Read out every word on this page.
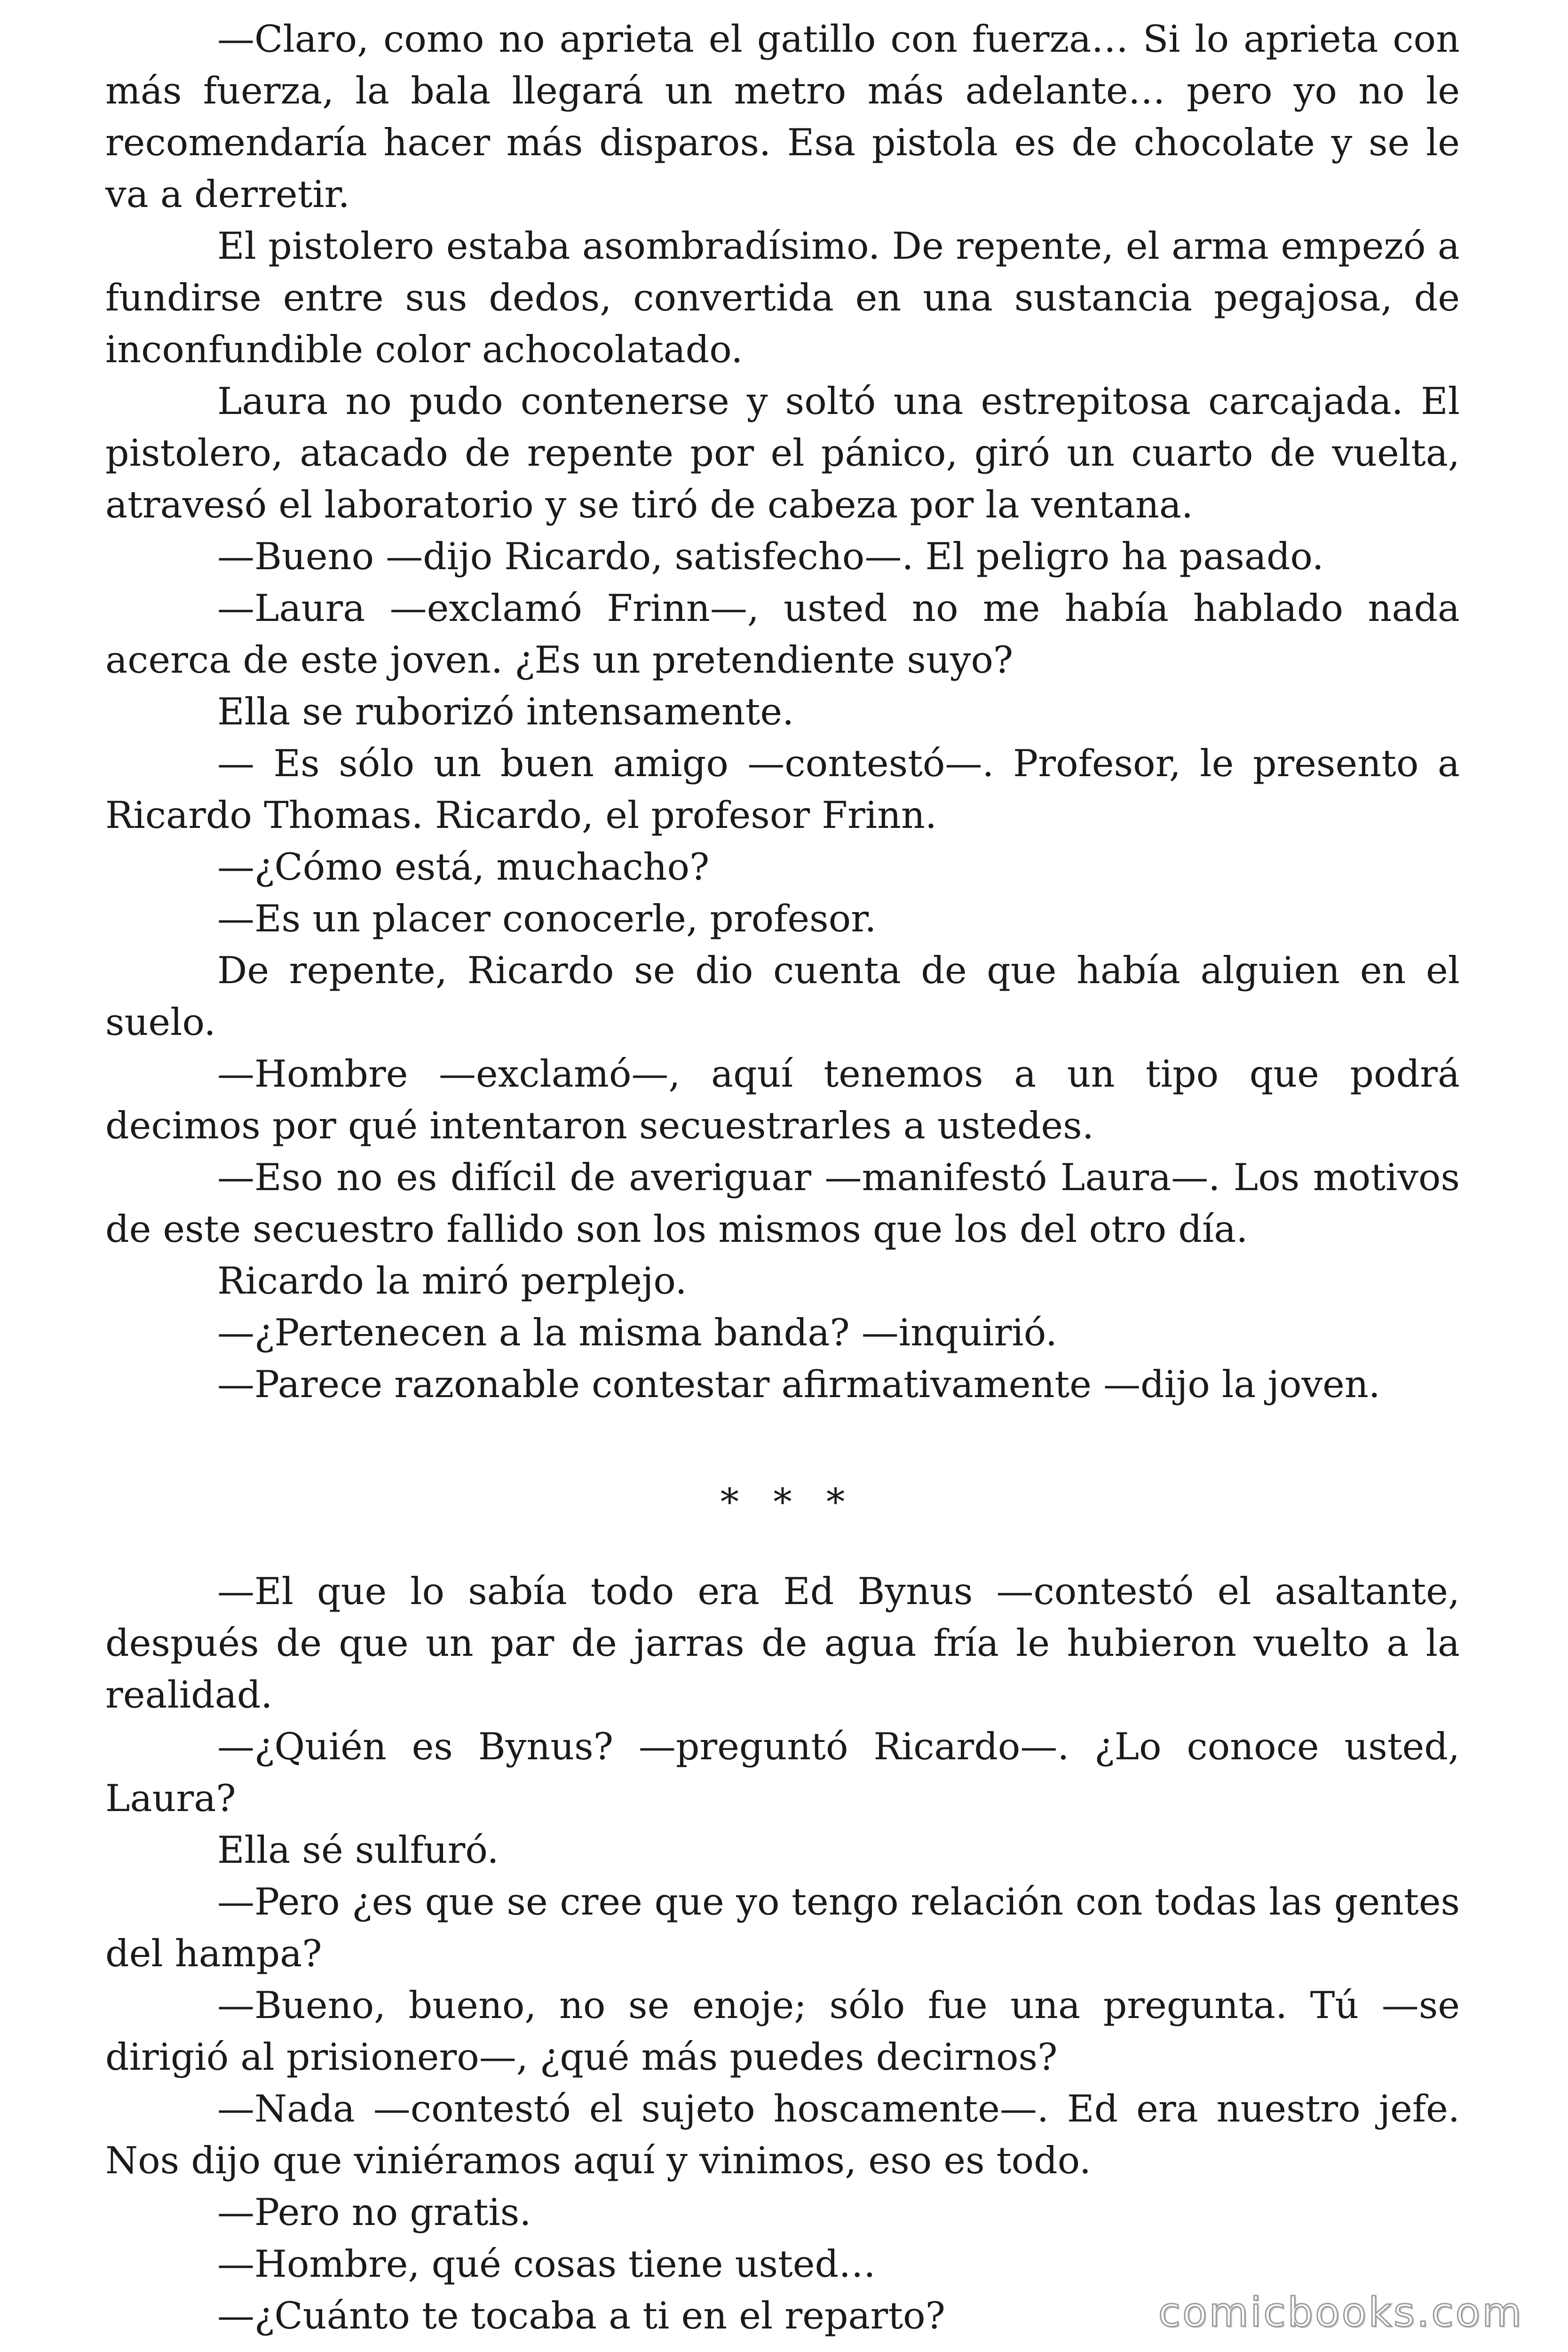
—Claro, como no aprieta el gatillo con fuerza… Si lo aprieta con más fuerza, la bala llegará un metro más adelante… pero yo no le recomendaría hacer más disparos. Esa pistola es de chocolate y se le va a derretir.

El pistolero estaba asombradísimo. De repente, el arma empezó a fundirse entre sus dedos, convertida en una sustancia pegajosa, de inconfundible color achocolatado.

Laura no pudo contenerse y soltó una estrepitosa carcajada. El pistolero, atacado de repente por el pánico, giró un cuarto de vuelta, atravesó el laboratorio y se tiró de cabeza por la ventana.

—Bueno —dijo Ricardo, satisfecho—. El peligro ha pasado.

—Laura —exclamó Frinn—, usted no me había hablado nada acerca de este joven. ¿Es un pretendiente suyo?

Ella se ruborizó intensamente.

— Es sólo un buen amigo —contestó—. Profesor, le presento a Ricardo Thomas. Ricardo, el profesor Frinn.

—¿Cómo está, muchacho?

—Es un placer conocerle, profesor.

De repente, Ricardo se dio cuenta de que había alguien en el suelo.

—Hombre —exclamó—, aquí tenemos a un tipo que podrá decimos por qué intentaron secuestrarles a ustedes.

—Eso no es difícil de averiguar —manifestó Laura—. Los motivos de este secuestro fallido son los mismos que los del otro día.

Ricardo la miró perplejo.

—¿Pertenecen a la misma banda? —inquirió.

—Parece razonable contestar afirmativamente —dijo la joven.

* * *

—El que lo sabía todo era Ed Bynus —contestó el asaltante, después de que un par de jarras de agua fría le hubieron vuelto a la realidad.

—¿Quién es Bynus? —preguntó Ricardo—. ¿Lo conoce usted, Laura?

Ella sé sulfuró.

—Pero ¿es que se cree que yo tengo relación con todas las gentes del hampa?

—Bueno, bueno, no se enoje; sólo fue una pregunta. Tú —se dirigió al prisionero—, ¿qué más puedes decirnos?

—Nada —contestó el sujeto hoscamente—. Ed era nuestro jefe. Nos dijo que viniéramos aquí y vinimos, eso es todo.

—Pero no gratis.

—Hombre, qué cosas tiene usted…

—¿Cuánto te tocaba a ti en el reparto?	comicbooks.com
